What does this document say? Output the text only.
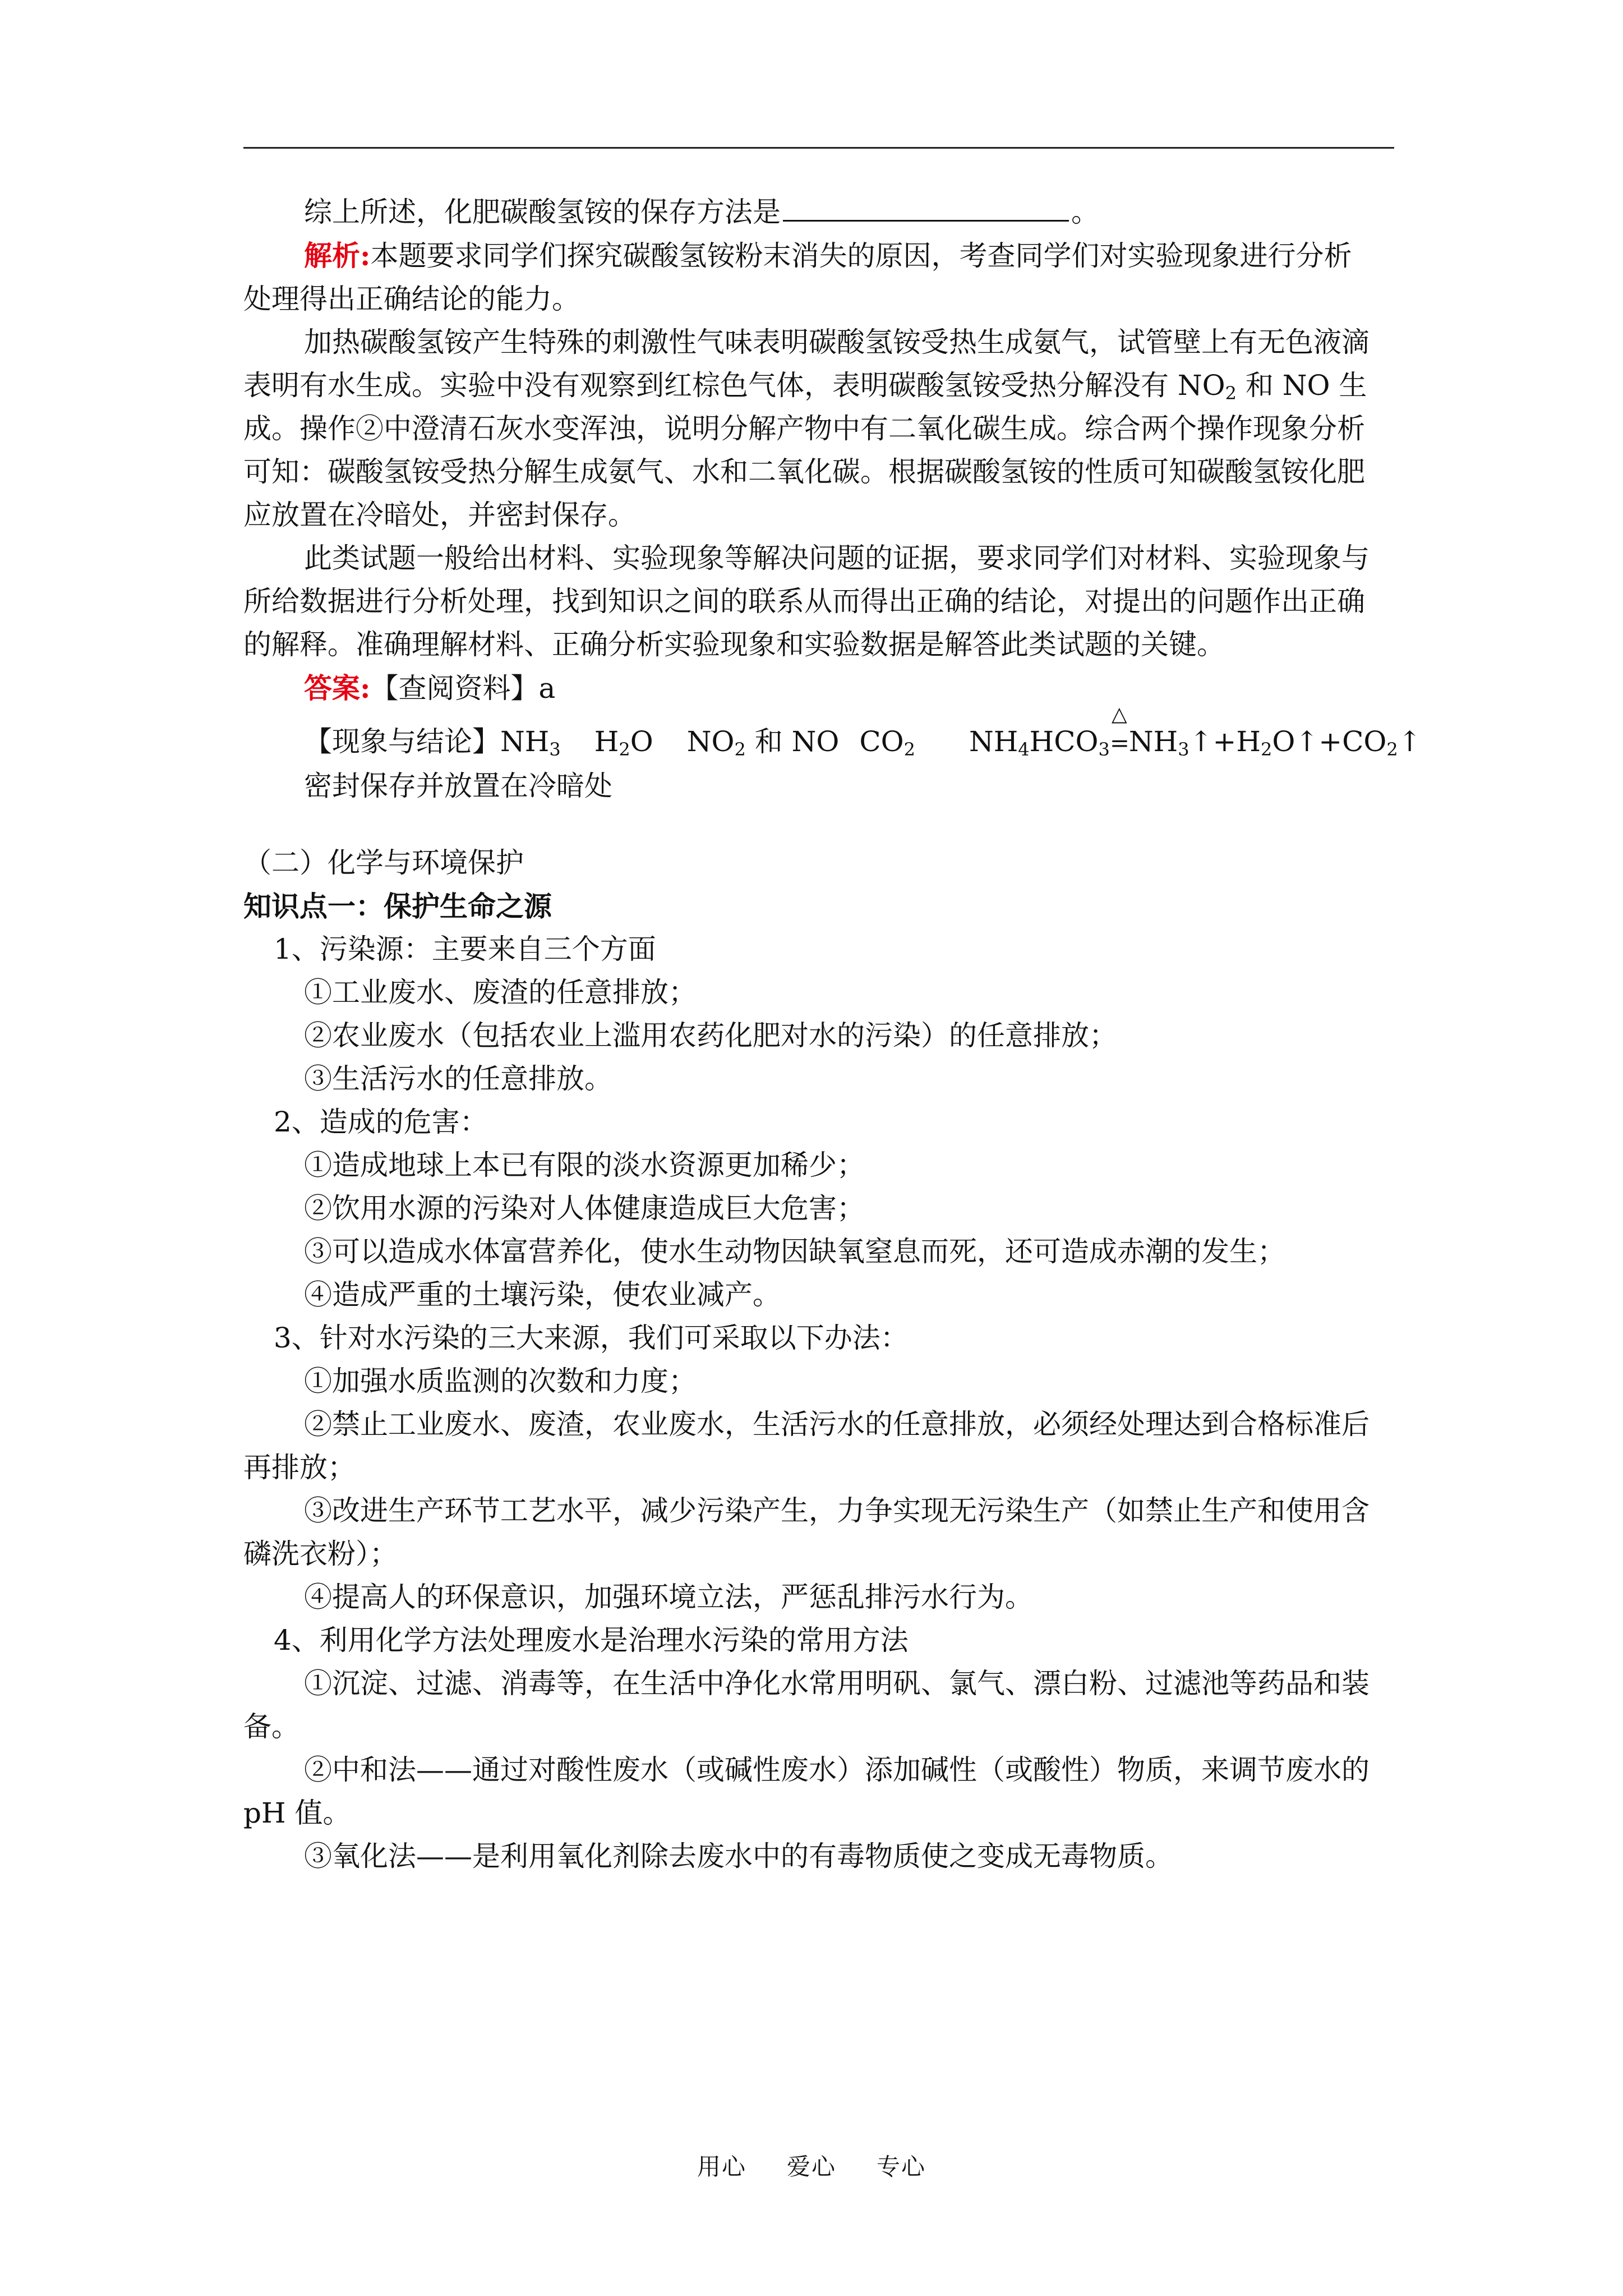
综上所述，化肥碳酸氢铵的保存方法是	。
解析:本题要求同学们探究碳酸氢铵粉末消失的原因，考查同学们对实验现象进行分析
处理得出正确结论的能力。
加热碳酸氢铵产生特殊的刺激性气味表明碳酸氢铵受热生成氨气，试管壁上有无色液滴
表明有水生成。实验中没有观察到红棕色气体，表明碳酸氢铵受热分解没有 $NO_2$ 和 NO 生
成。操作②中澄清石灰水变浑浊，说明分解产物中有二氧化碳生成。综合两个操作现象分析
可知：碳酸氢铵受热分解生成氨气、水和二氧化碳。根据碳酸氢铵的性质可知碳酸氢铵化肥
应放置在冷暗处，并密封保存。
此类试题一般给出材料、实验现象等解决问题的证据，要求同学们对材料、实验现象与
所给数据进行分析处理，找到知识之间的联系从而得出正确的结论，对提出的问题作出正确
的解释。准确理解材料、正确分析实验现象和实验数据是解答此类试题的关键。
答案:【查阅资料】a
【现象与结论】$NH_3$ $H_2O$ $NO_2$ 和 NO $CO_2$ $NH_4HCO_3$
△
$=NH_3↑+H_2O↑+CO_2↑$
密封保存并放置在冷暗处
（二）化学与环境保护
知识点一：保护生命之源
1、污染源：主要来自三个方面
①工业废水、废渣的任意排放；
②农业废水（包括农业上滥用农药化肥对水的污染）的任意排放；
③生活污水的任意排放。
2、造成的危害：
①造成地球上本已有限的淡水资源更加稀少；
②饮用水源的污染对人体健康造成巨大危害；
③可以造成水体富营养化，使水生动物因缺氧窒息而死，还可造成赤潮的发生；
④造成严重的土壤污染，使农业减产。
3、针对水污染的三大来源，我们可采取以下办法：
①加强水质监测的次数和力度；
②禁止工业废水、废渣，农业废水，生活污水的任意排放，必须经处理达到合格标准后
再排放；
③改进生产环节工艺水平，减少污染产生，力争实现无污染生产（如禁止生产和使用含
磷洗衣粉）；
④提高人的环保意识，加强环境立法，严惩乱排污水行为。
4、利用化学方法处理废水是治理水污染的常用方法
①沉淀、过滤、消毒等，在生活中净化水常用明矾、氯气、漂白粉、过滤池等药品和装
备。
②中和法——通过对酸性废水（或碱性废水）添加碱性（或酸性）物质，来调节废水的
pH 值。
③氧化法——是利用氧化剂除去废水中的有毒物质使之变成无毒物质。
用心 爱心 专心
